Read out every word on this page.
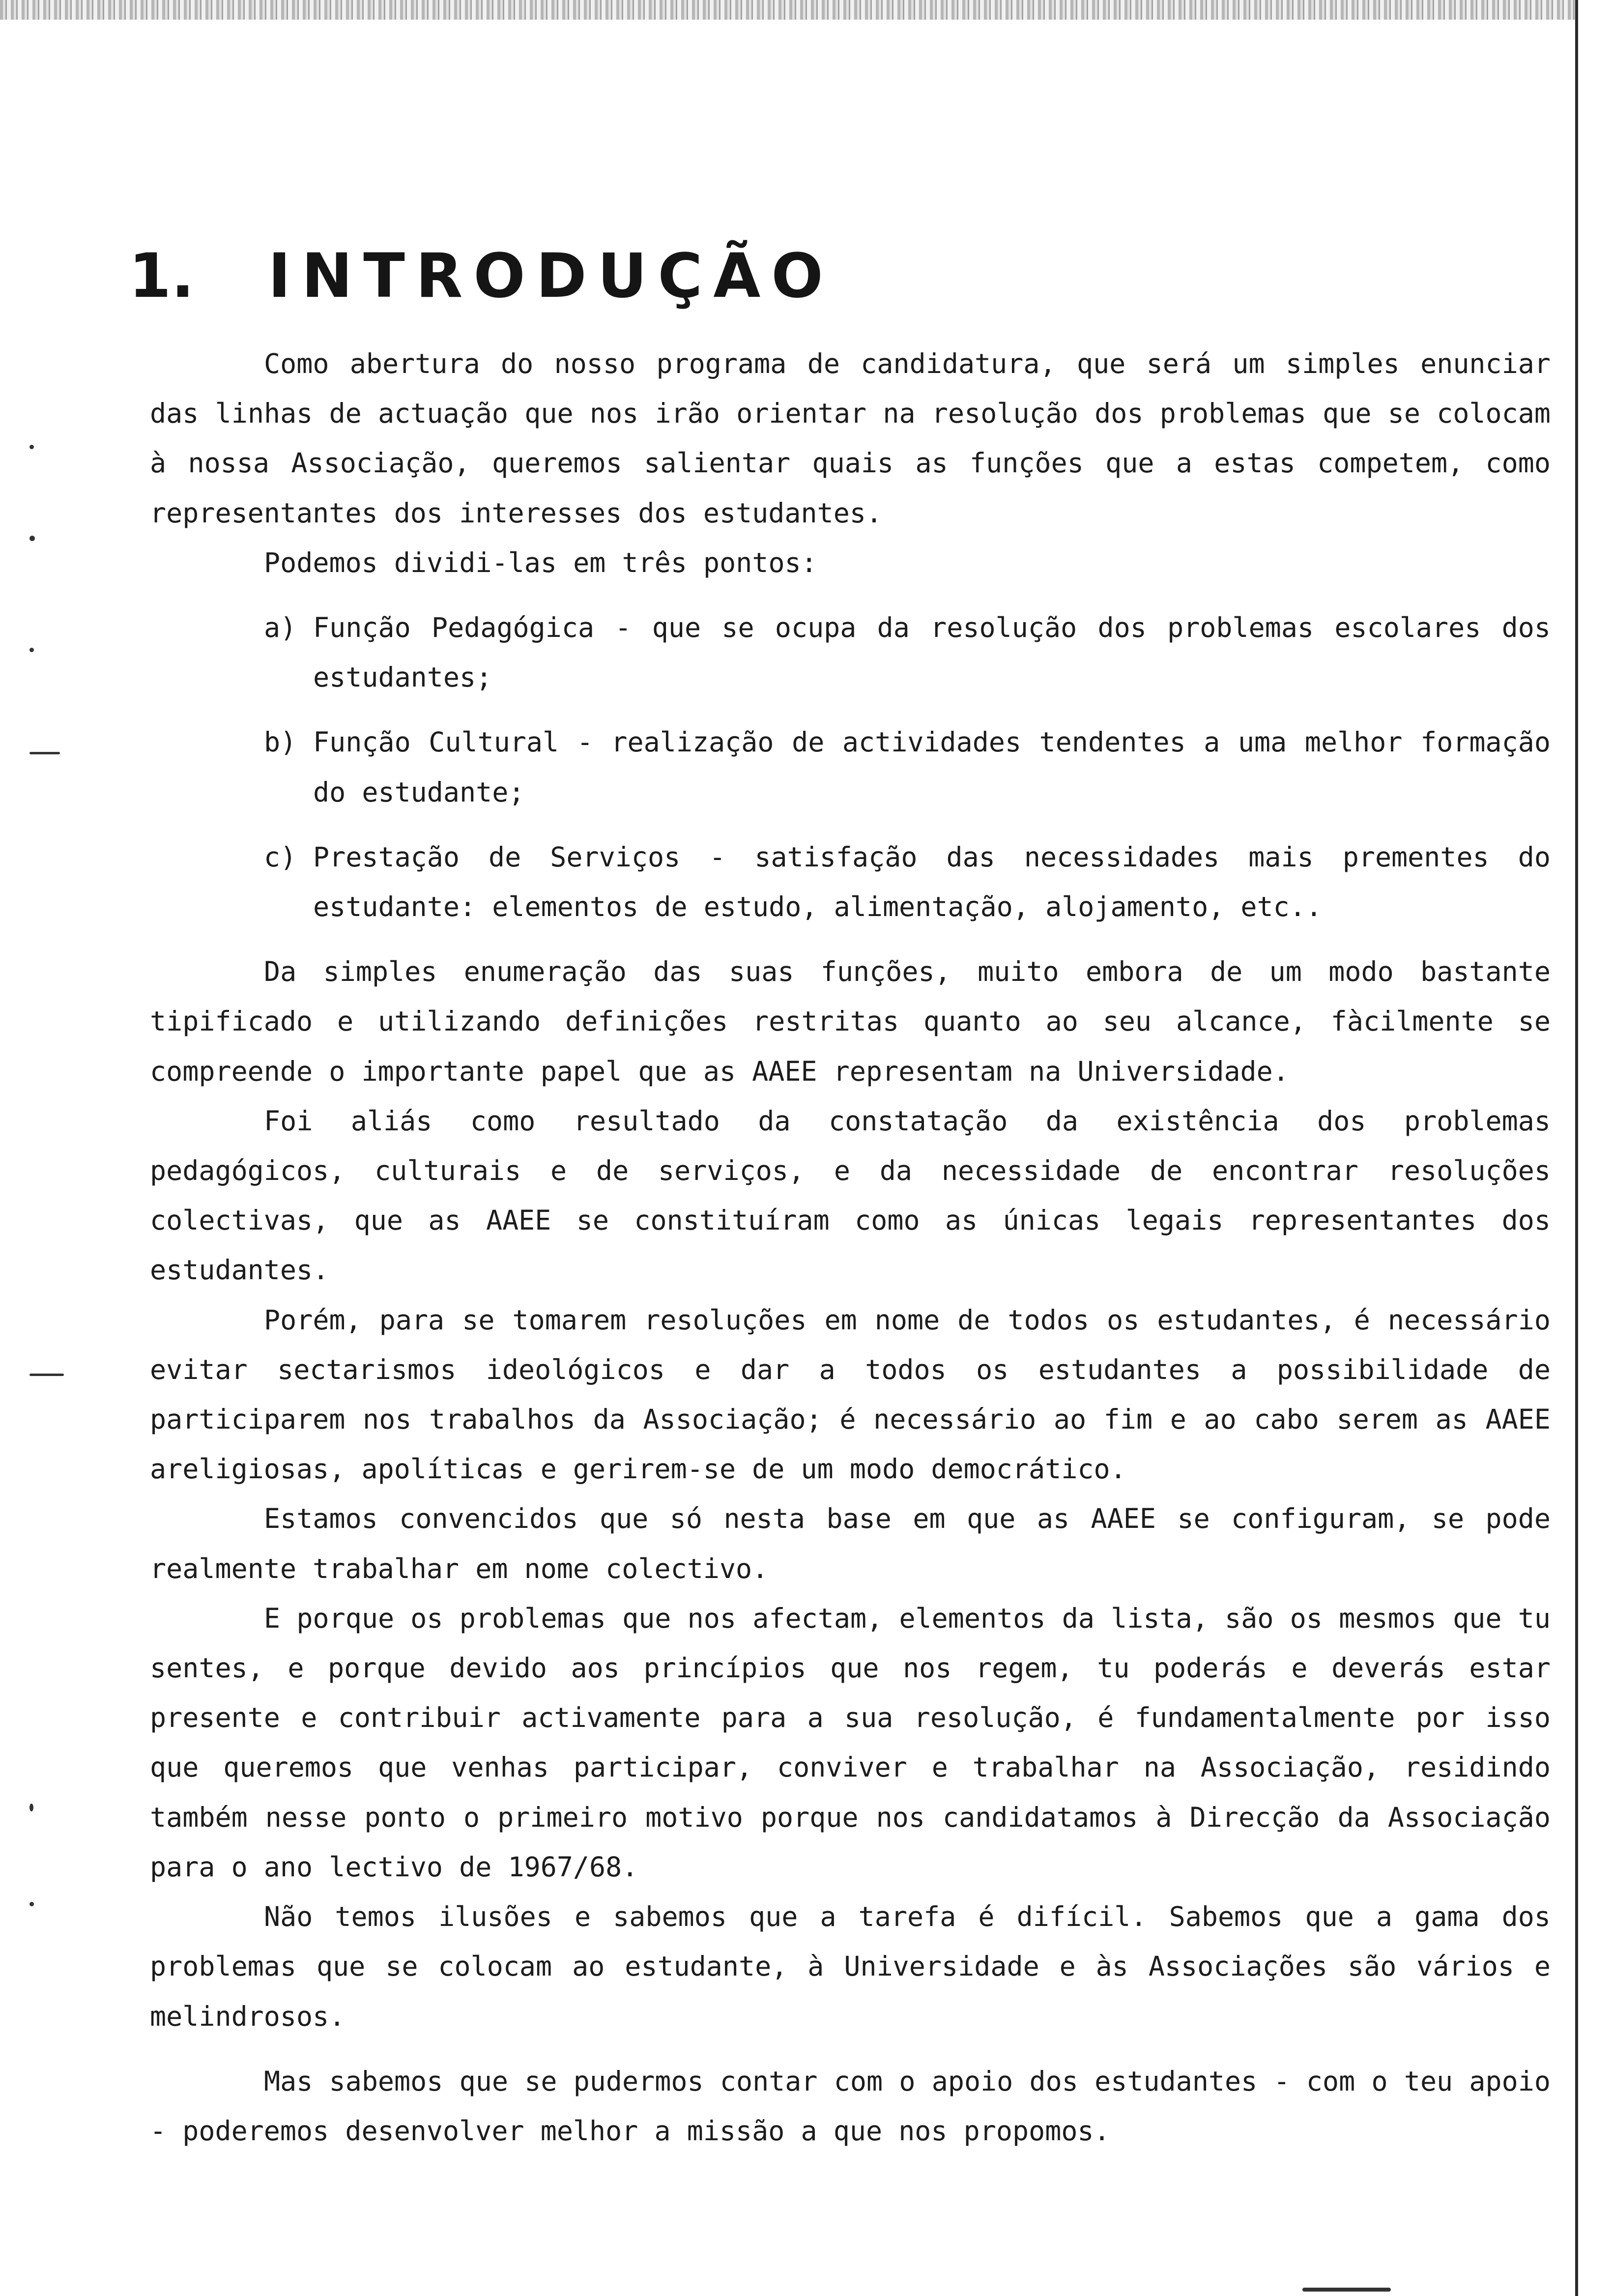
1. INTRODUÇÃO

Como abertura do nosso programa de candidatura, que será um simples enunciar das linhas de actuação que nos irão orientar na resolução dos problemas que se colocam à nossa Associação, queremos salientar quais as funções que a estas competem, como representantes dos interesses dos estudantes.

Podemos dividi-las em três pontos:

a) Função Pedagógica - que se ocupa da resolução dos problemas escolares dos estudantes;
b) Função Cultural - realização de actividades tendentes a uma melhor formação do estudante;
c) Prestação de Serviços - satisfação das necessidades mais prementes do estudante: elementos de estudo, alimentação, alojamento, etc..

Da simples enumeração das suas funções, muito embora de um modo bastante tipificado e utilizando definições restritas quanto ao seu alcance, fàcilmente se compreende o importante papel que as AAEE representam na Universidade.

Foi aliás como resultado da constatação da existência dos problemas pedagógicos, culturais e de serviços, e da necessidade de encontrar resoluções colectivas, que as AAEE se constituíram como as únicas legais representantes dos estudantes.

Porém, para se tomarem resoluções em nome de todos os estudantes, é necessário evitar sectarismos ideológicos e dar a todos os estudantes a possibilidade de participarem nos trabalhos da Associação; é necessário ao fim e ao cabo serem as AAEE areligiosas, apolíticas e gerirem-se de um modo democrático.

Estamos convencidos que só nesta base em que as AAEE se configuram, se pode realmente trabalhar em nome colectivo.

E porque os problemas que nos afectam, elementos da lista, são os mesmos que tu sentes, e porque devido aos princípios que nos regem, tu poderás e deverás estar presente e contribuir activamente para a sua resolução, é fundamentalmente por isso que queremos que venhas participar, conviver e trabalhar na Associação, residindo também nesse ponto o primeiro motivo porque nos candidatamos à Direcção da Associação para o ano lectivo de 1967/68.

Não temos ilusões e sabemos que a tarefa é difícil. Sabemos que a gama dos problemas que se colocam ao estudante, à Universidade e às Associações são vários e melindrosos.

Mas sabemos que se pudermos contar com o apoio dos estudantes - com o teu apoio - poderemos desenvolver melhor a missão a que nos propomos.
